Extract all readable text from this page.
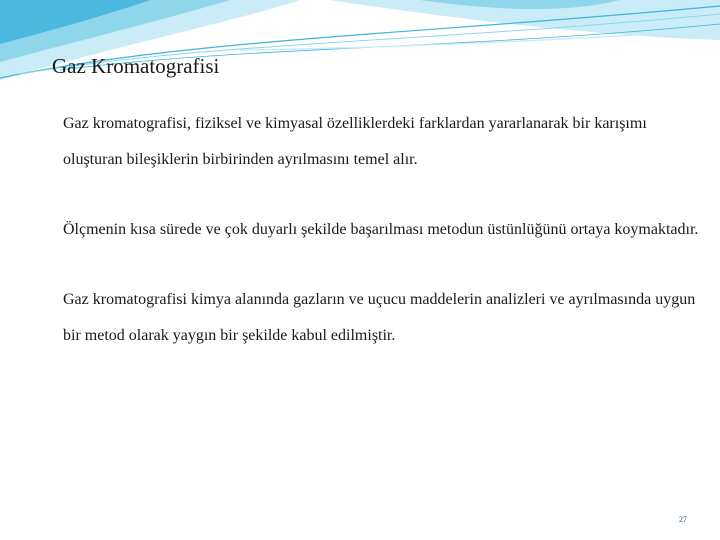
Gaz Kromatografisi

Gaz kromatografisi, fiziksel ve kimyasal özelliklerdeki farklardan yararlanarak bir karışımı oluşturan bileşiklerin birbirinden ayrılmasını temel alır.

Ölçmenin kısa sürede ve çok duyarlı şekilde başarılması metodun üstünlüğünü ortaya koymaktadır.

Gaz kromatografisi kimya alanında gazların ve uçucu maddelerin analizleri ve ayrılmasında uygun bir metod olarak yaygın bir şekilde kabul edilmiştir.

27
